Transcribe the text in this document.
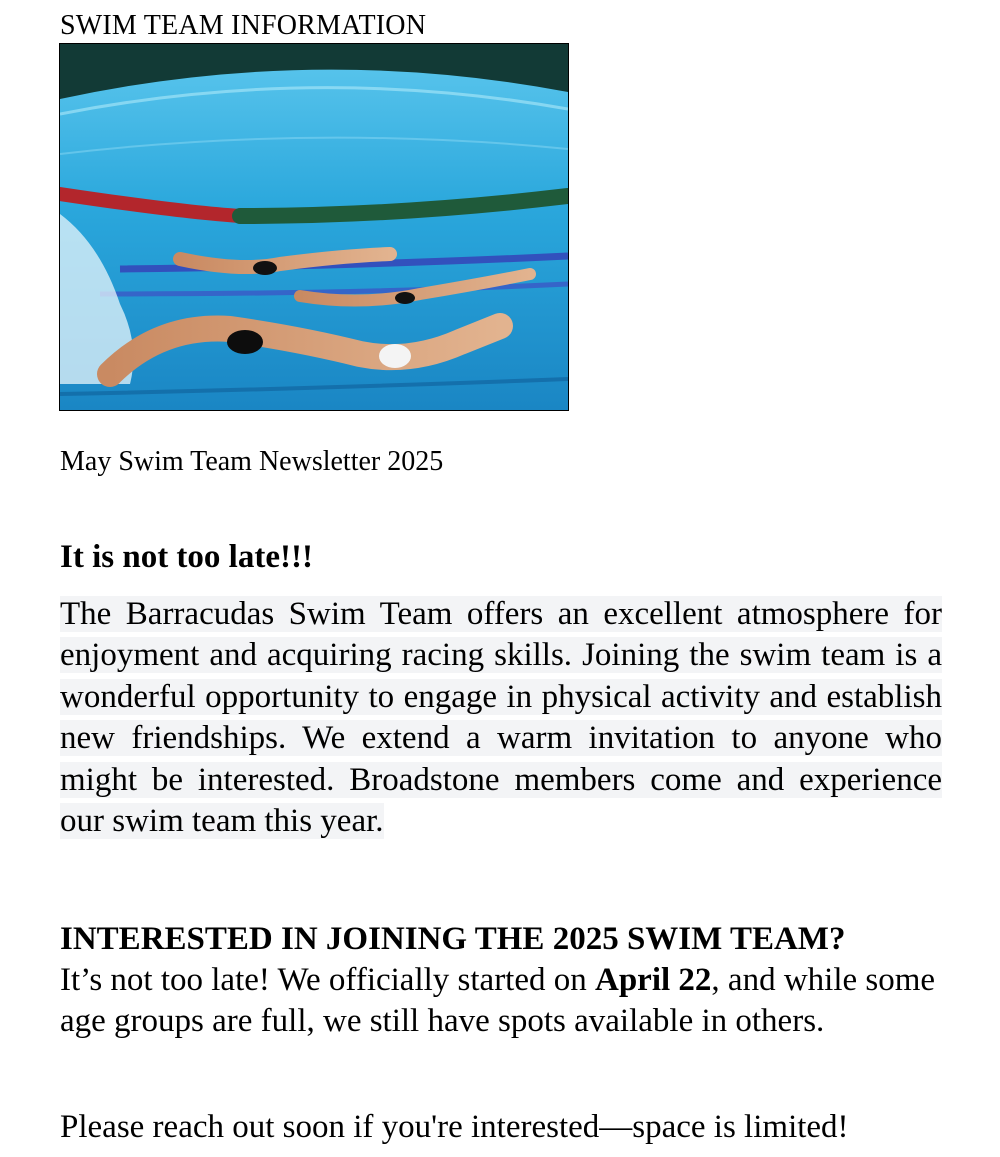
SWIM TEAM INFORMATION
May Swim Team Newsletter 2025
It is not too late!!!
The Barracudas Swim Team offers an excellent atmosphere for enjoyment and acquiring racing skills. Joining the swim team is a wonderful opportunity to engage in physical activity and establish new friendships. We extend a warm invitation to anyone who might be interested. Broadstone members come and experience our swim team this year.
INTERESTED IN JOINING THE 2025 SWIM TEAM?
It’s not too late! We officially started on April 22, and while some age groups are full, we still have spots available in others.
Please reach out soon if you're interested—space is limited!
